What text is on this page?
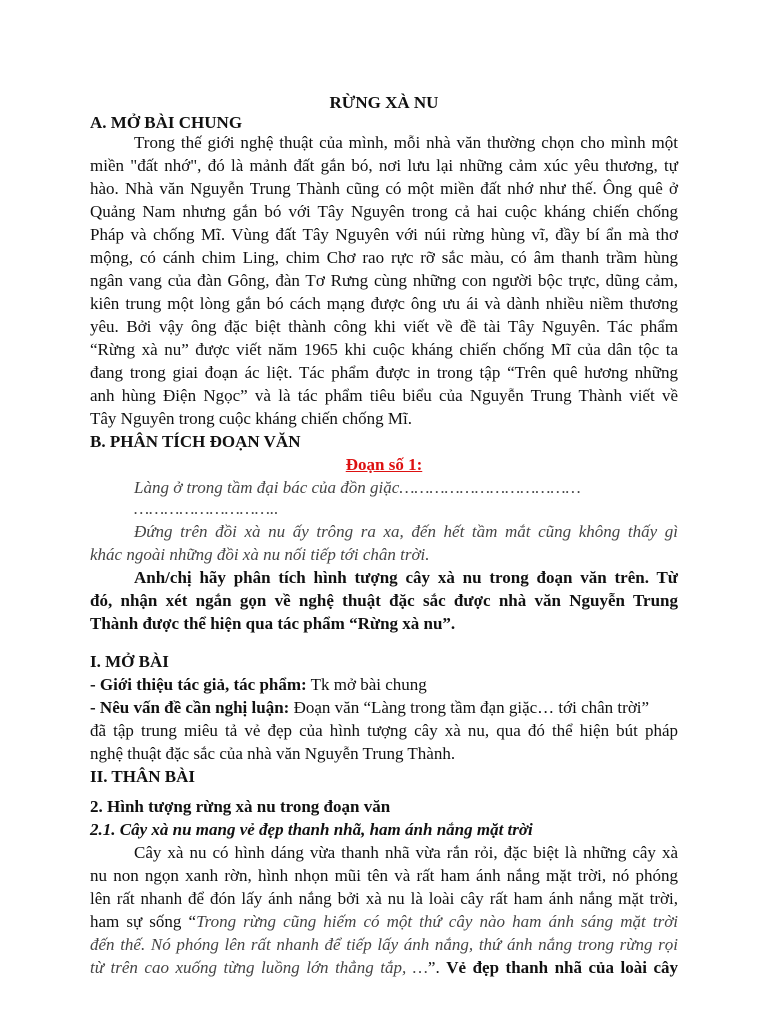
RỪNG XÀ NU
A. MỞ BÀI CHUNG
Trong thế giới nghệ thuật của mình, mỗi nhà văn thường chọn cho mình một
miền "đất nhớ", đó là mảnh đất gắn bó, nơi lưu lại những cảm xúc yêu thương, tự
hào. Nhà văn Nguyễn Trung Thành cũng có một miền đất nhớ như thế. Ông quê ở
Quảng Nam nhưng gắn bó với Tây Nguyên trong cả hai cuộc kháng chiến chống
Pháp và chống Mĩ. Vùng đất Tây Nguyên với núi rừng hùng vĩ, đầy bí ẩn mà thơ
mộng, có cánh chim Ling, chim Chơ rao rực rỡ sắc màu, có âm thanh trầm hùng
ngân vang của đàn Gông, đàn Tơ Rưng cùng những con người bộc trực, dũng cảm,
kiên trung một lòng gắn bó cách mạng được ông ưu ái và dành nhiều niềm thương
yêu. Bởi vậy ông đặc biệt thành công khi viết về đề tài Tây Nguyên. Tác phẩm
“Rừng xà nu” được viết năm 1965 khi cuộc kháng chiến chống Mĩ của dân tộc ta
đang trong giai đoạn ác liệt. Tác phẩm được in trong tập “Trên quê hương những
anh hùng Điện Ngọc” và là tác phẩm tiêu biểu của Nguyễn Trung Thành viết về
Tây Nguyên trong cuộc kháng chiến chống Mĩ.
B. PHÂN TÍCH ĐOẠN VĂN
Đoạn số 1:
Làng ở trong tầm đại bác của đồn giặc………………………………
………………………..
Đứng trên đồi xà nu ấy trông ra xa, đến hết tầm mắt cũng không thấy gì
khác ngoài những đồi xà nu nối tiếp tới chân trời.
Anh/chị hãy phân tích hình tượng cây xà nu trong đoạn văn trên. Từ
đó, nhận xét ngắn gọn về nghệ thuật đặc sắc được nhà văn Nguyễn Trung
Thành được thể hiện qua tác phẩm “Rừng xà nu”.
I. MỞ BÀI
- Giới thiệu tác giả, tác phẩm: Tk mở bài chung
- Nêu vấn đề cần nghị luận: Đoạn văn “Làng trong tầm đạn giặc… tới chân trời”
đã tập trung miêu tả vẻ đẹp của hình tượng cây xà nu, qua đó thể hiện bút pháp
nghệ thuật đặc sắc của nhà văn Nguyễn Trung Thành.
II. THÂN BÀI
2. Hình tượng rừng xà nu trong đoạn văn
2.1. Cây xà nu mang vẻ đẹp thanh nhã, ham ánh nắng mặt trời
Cây xà nu có hình dáng vừa thanh nhã vừa rắn rỏi, đặc biệt là những cây xà
nu non ngọn xanh rờn, hình nhọn mũi tên và rất ham ánh nắng mặt trời, nó phóng
lên rất nhanh để đón lấy ánh nắng bởi xà nu là loài cây rất ham ánh nắng mặt trời,
ham sự sống “Trong rừng cũng hiếm có một thứ cây nào ham ánh sáng mặt trời
đến thế. Nó phóng lên rất nhanh để tiếp lấy ánh nắng, thứ ánh nắng trong rừng rọi
từ trên cao xuống từng luồng lớn thẳng tắp, …”. Vẻ đẹp thanh nhã của loài cây
